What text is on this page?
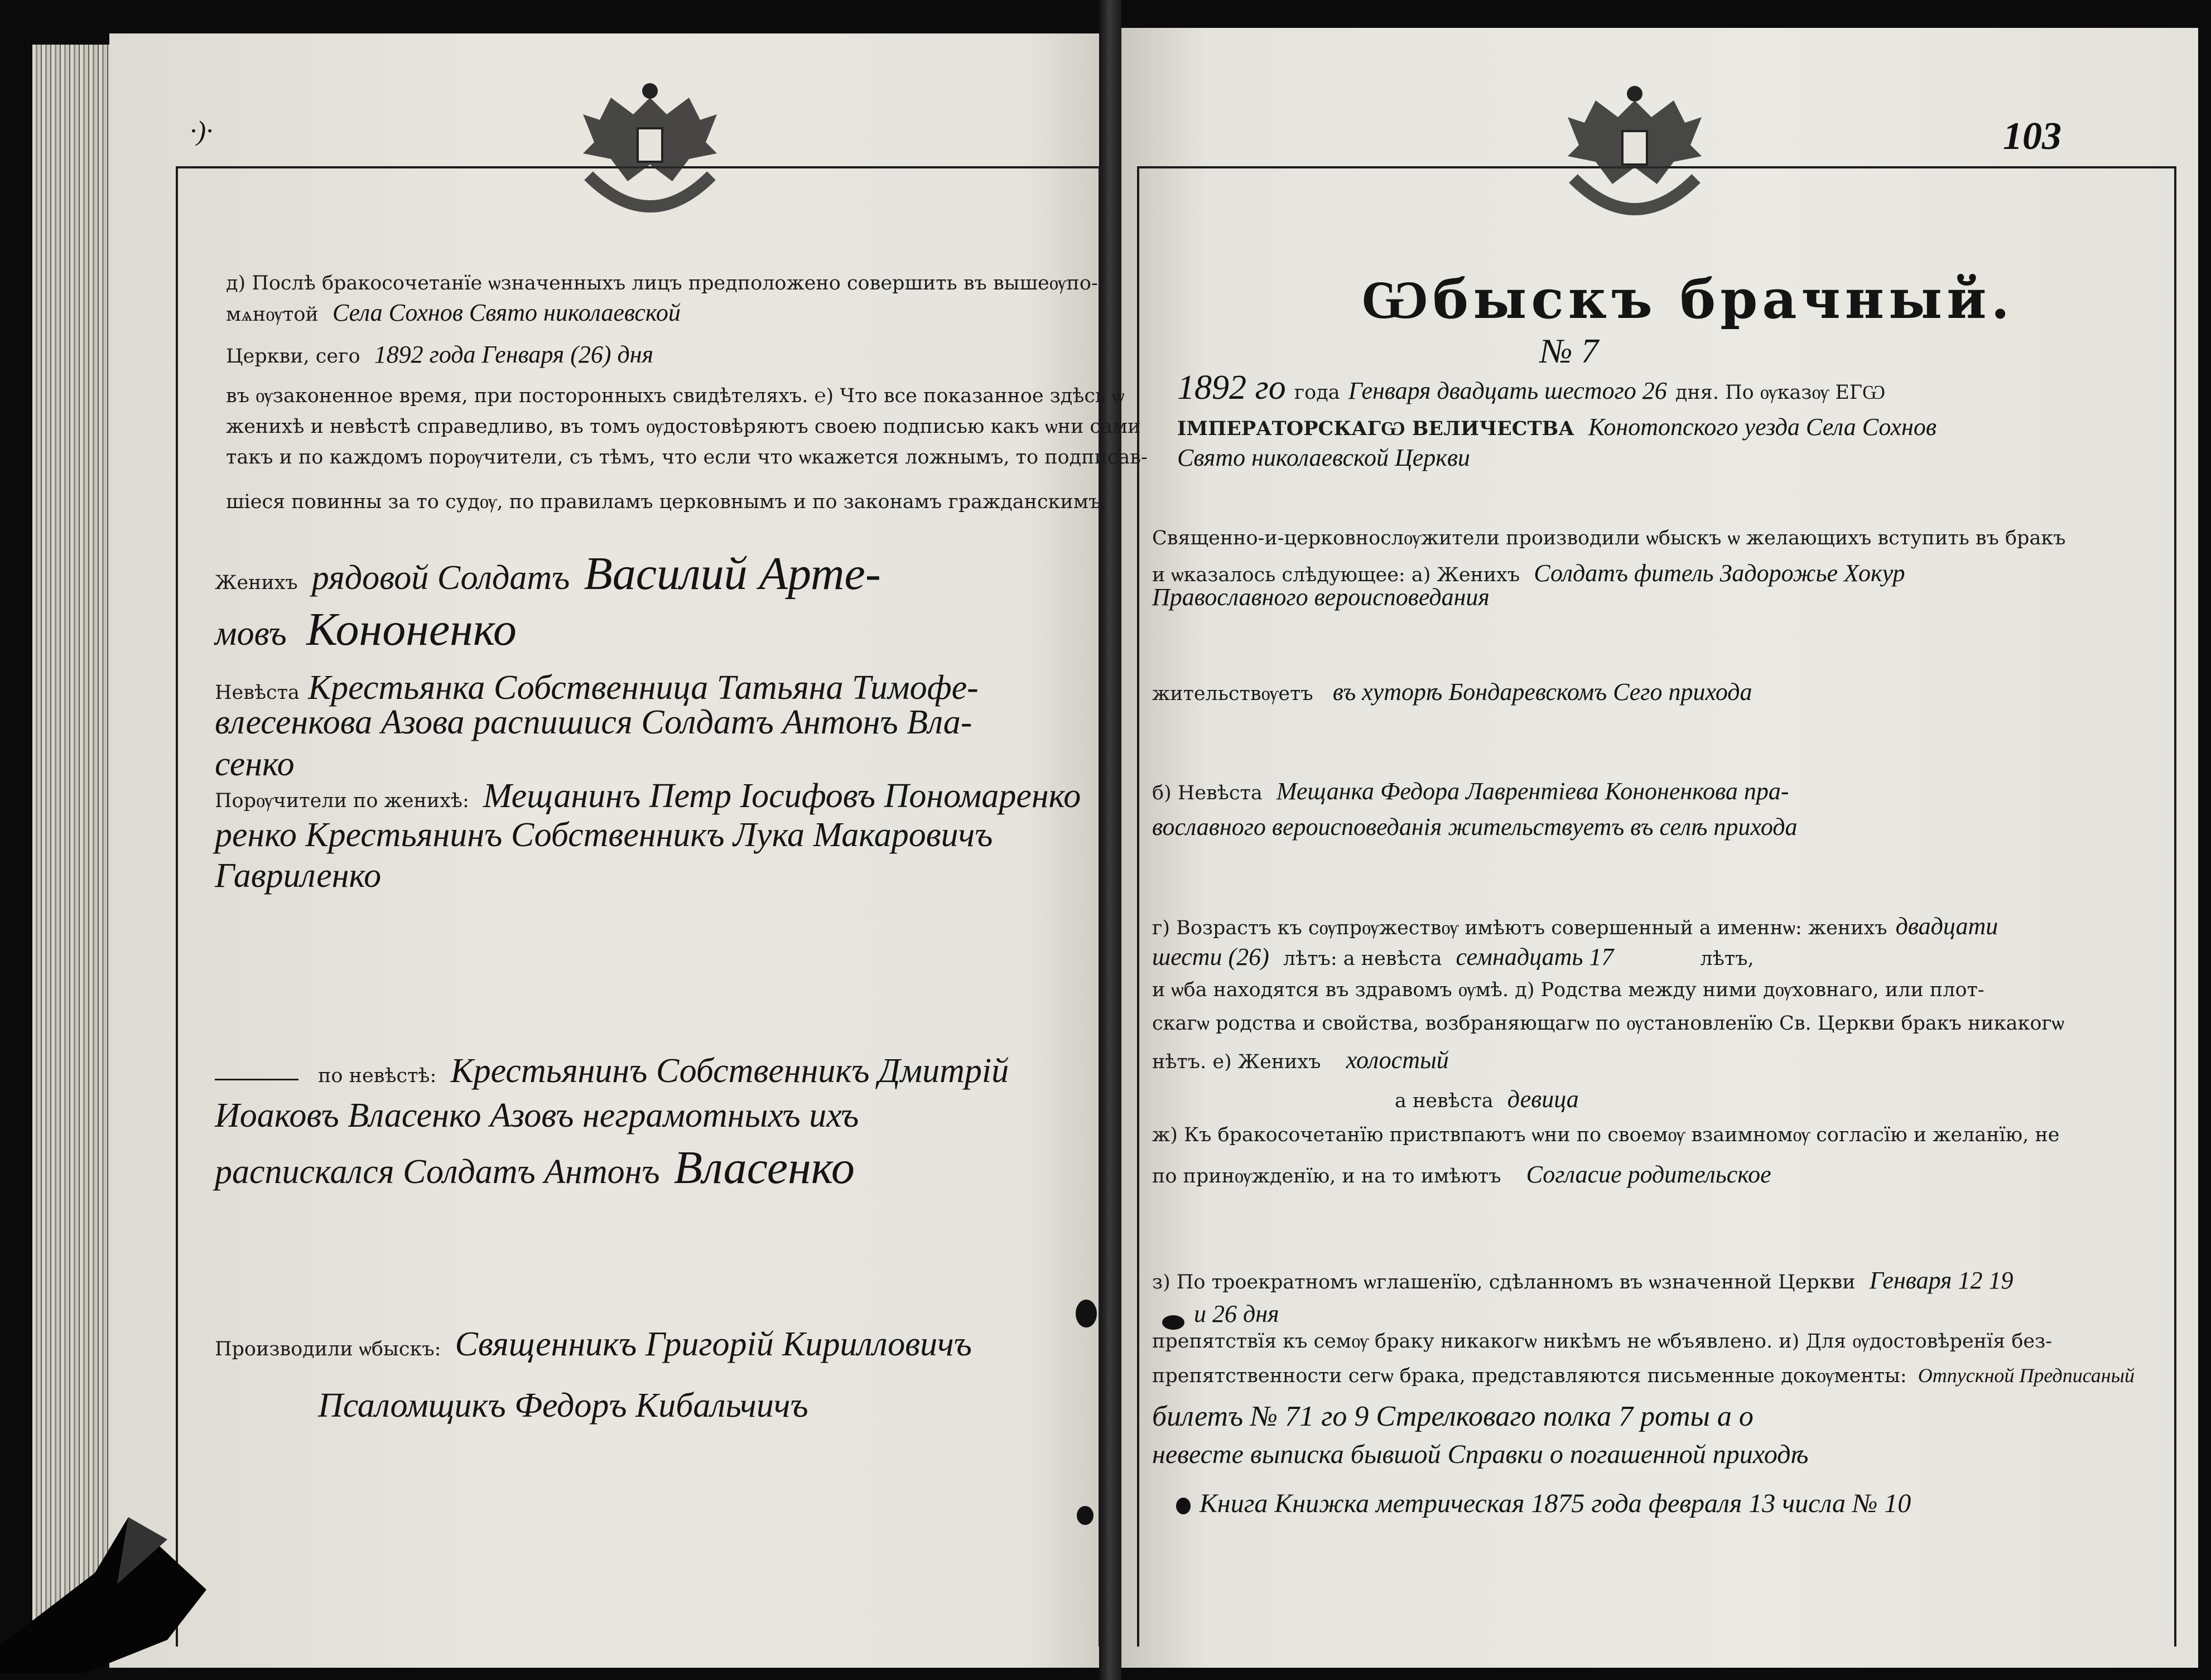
·)·
д) Послѣ бракосочетанїе ѡзначенныхъ лицъ предположено совершить въ вышеѹпо-
мѧнѹтой Села Сохнов Свято николаевской
Церкви, сего 1892 года Генваря (26) дня
въ ѹзаконенное время, при посторонныхъ свидѣтеляхъ. ℮) Что все показанное здѣсь ѡ
женихѣ и невѣстѣ справедливо, въ томъ ѹдостовѣряютъ своею подписью какъ ѡни сами
такъ и по каждомъ порѹчители, съ тѣмъ, что если что ѡкажется ложнымъ, то подписав-
шiеся повинны за то судѹ, по правиламъ церковнымъ и по законамъ гражданскимъ.
Женихъ рядовой Солдатъ Василий Арте-
мовъ Кононенко
Невѣста Крестьянка Собственница Татьяна Тимофе-
влесенкова Азова распишися Солдатъ Антонъ Вла-
сенко
Порѹчители по женихѣ: Мещанинъ Петр Іосифовъ Пономаренко
ренко Крестьянинъ Собственникъ Лука Макаровичъ
Гавриленко
по невѣстѣ: Крестьянинъ Собственникъ Дмитрій
Иоаковъ Власенко Азовъ неграмотныхъ ихъ
распискался Солдатъ Антонъ Власенко
Производили ѡбыскъ: Священникъ Григорій Кирилловичъ
Псаломщикъ Федоръ Кибальчичъ
103
Ѡбыскъ брачный.
№ 7
1892 го года Генваря двадцать шестого 26 дня. По ѹказѹ ЕГѠ
ІМПЕРАТОРСКАГѠ ВЕЛИЧЕСТВА Конотопского уезда Села Сохнов
Свято николаевской Церкви
Священно-и-церковнослѹжители производили ѡбыскъ ѡ желающихъ вступить въ бракъ
и ѡказалось слѣдующее: а) Женихъ Солдатъ фитель Задорожье Хокур
Православного вероисповедания
жительствѹетъ въ хуторѣ Бондаревскомъ Сего прихода
б) Невѣста Мещанка Федора Лаврентіева Кононенкова пра-
вославного вероисповеданія жительствуетъ въ селѣ прихода
г) Возрастъ къ сѹпрѹжествѹ имѣютъ совершенный а именнѡ: женихъ двадцати
шести (26) лѣтъ: а невѣста семнадцать 17	лѣтъ,
и ѡба находятся въ здравомъ ѹмѣ. д) Родства между ними дѹховнаго, или плот-
скагѡ родства и свойства, возбраняющагѡ по ѹстановленїю Св. Церкви бракъ никакогѡ
нѣтъ. е) Женихъ холостый
а невѣста девица
ж) Къ бракосочетанїю приствпаютъ ѡни по своемѹ взаимномѹ согласїю и желанїю, не
по принѹжденїю, и на то имѣютъ Согласие родительское
з) По троекратномъ ѡглашенїю, сдѣланномъ въ ѡзначенной Церкви Генваря 12 19
и 26 дня
препятствїя къ семѹ браку никакогѡ никѣмъ не ѡбъявлено. и) Для ѹдостовѣренїя без-
препятственности сегѡ брака, представляются письменные докѹменты: Отпускной Предписаный
билетъ № 71 го 9 Стрелковаго полка 7 роты а о
невесте выписка бывшой Справки о погашенной приходѣ
Книга Книжка метрическая 1875 года февраля 13 числа № 10
